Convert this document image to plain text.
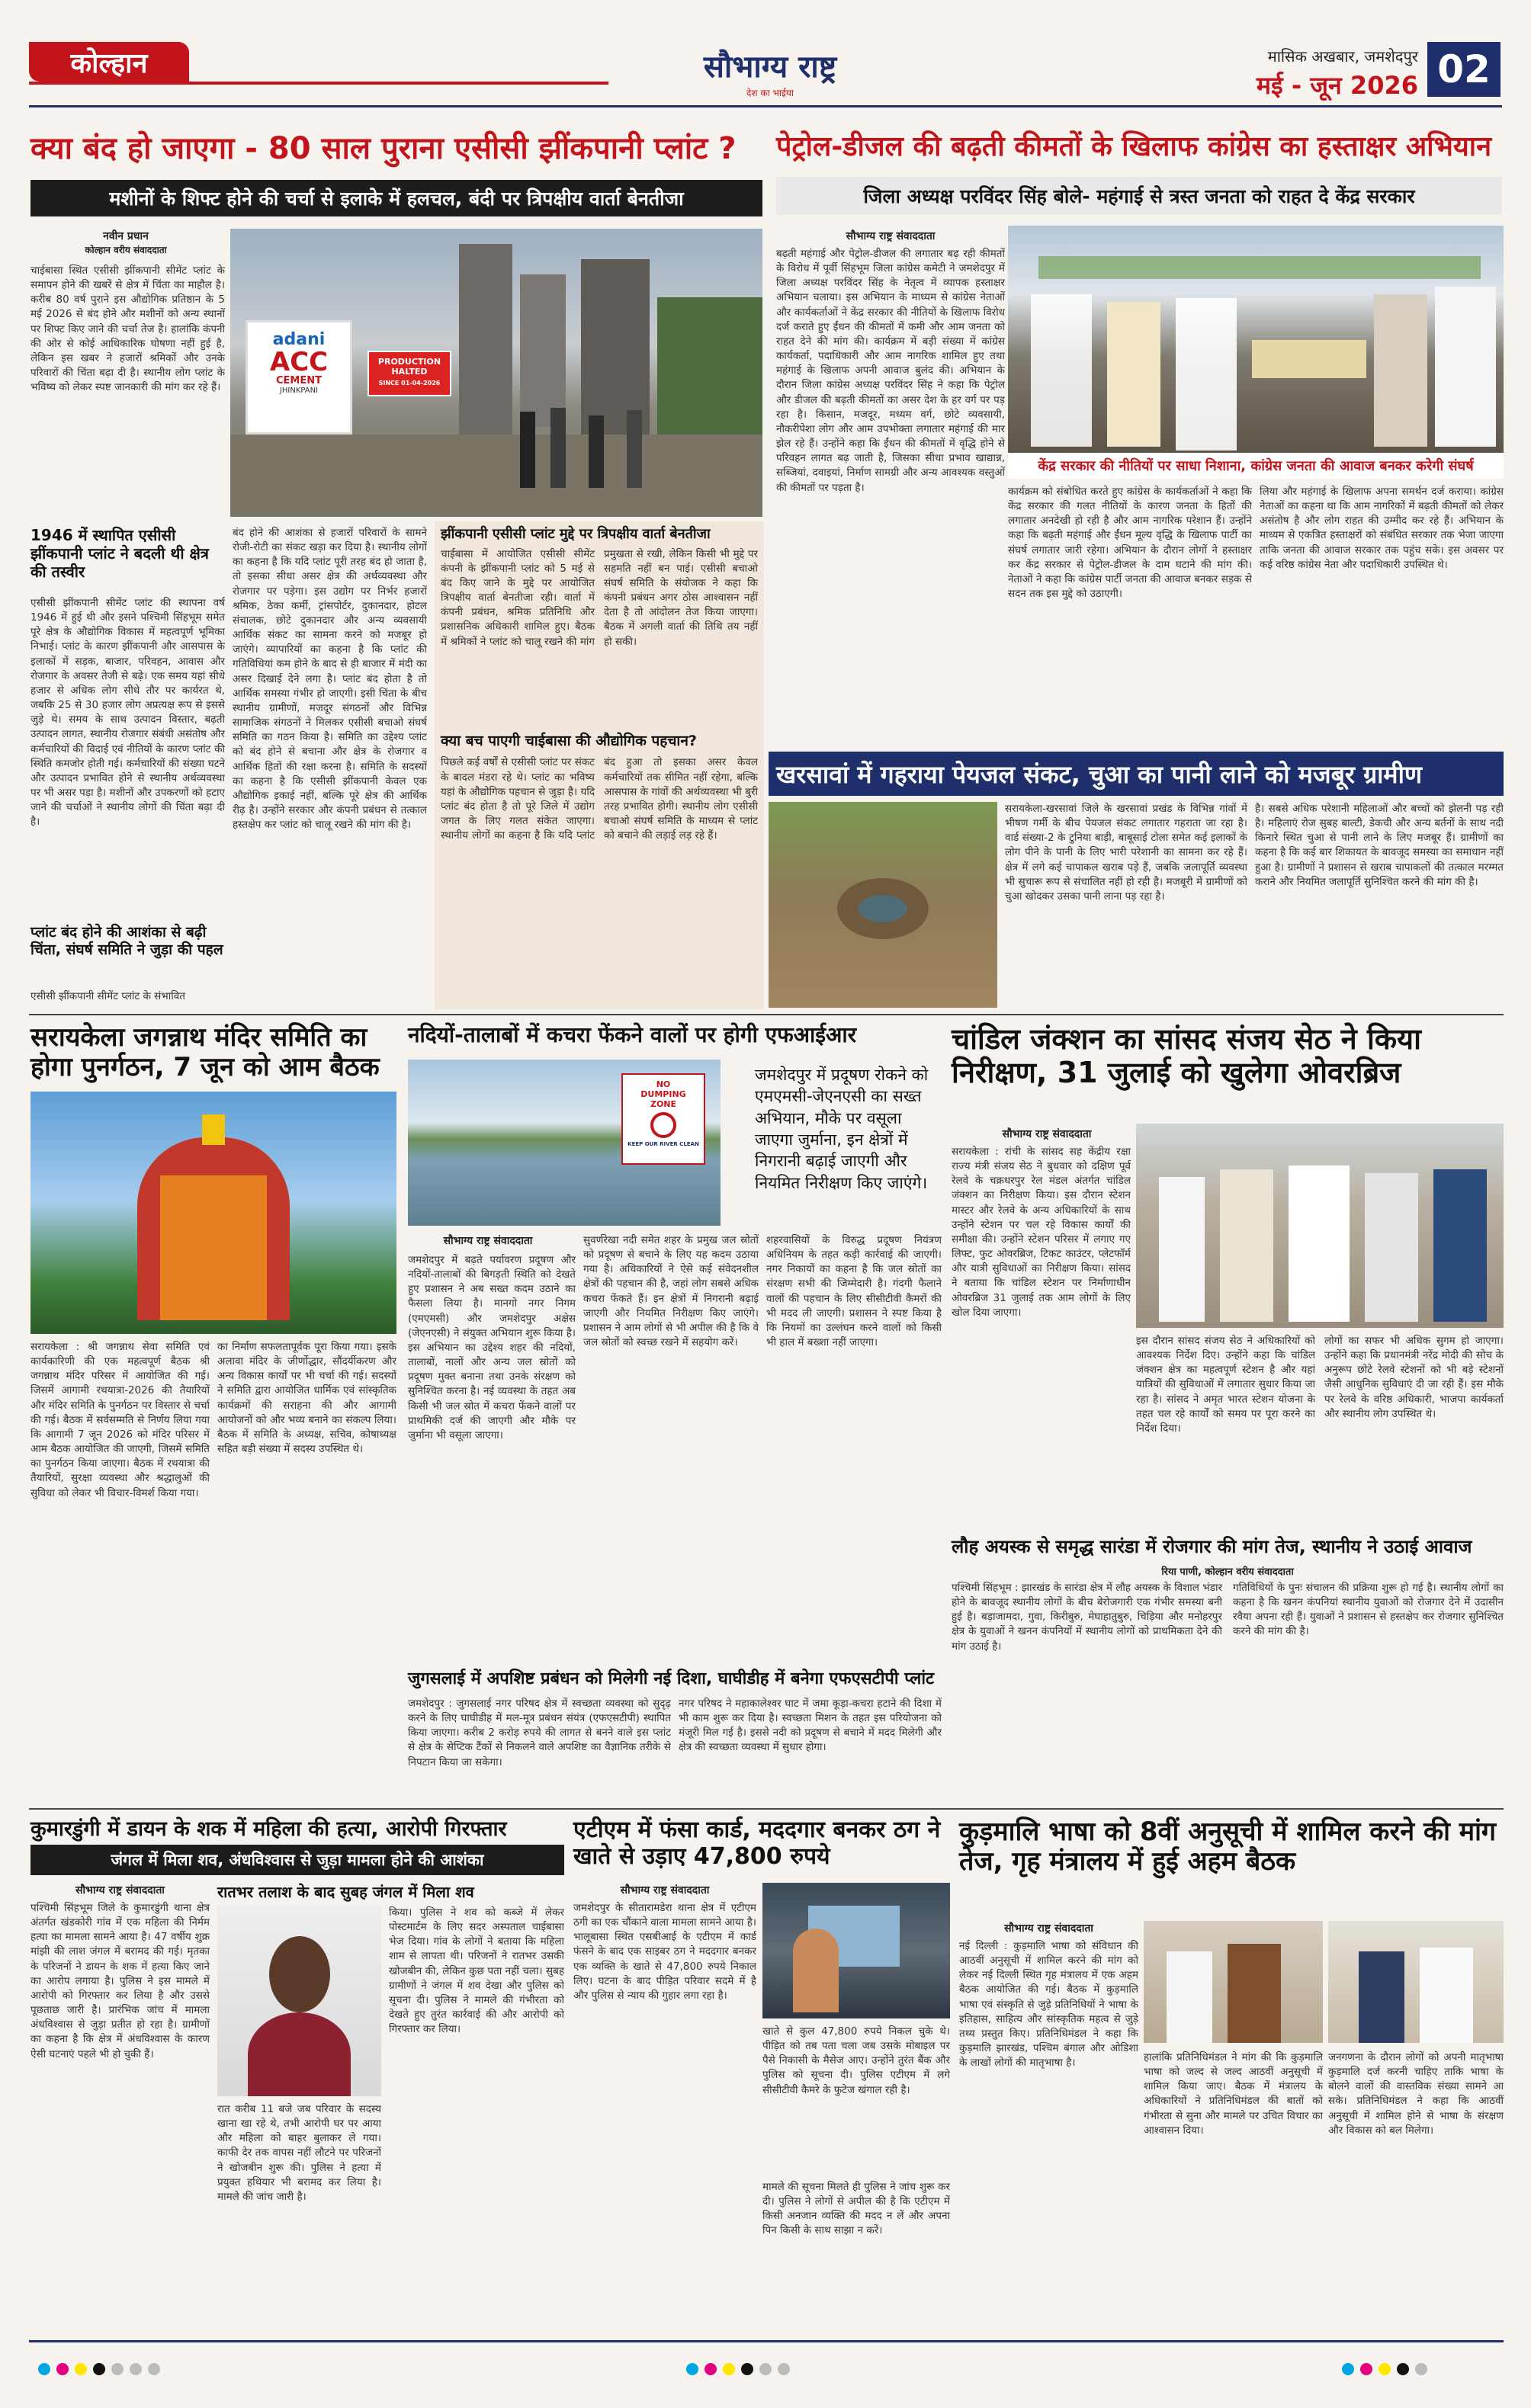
कोल्हान	सौभाग्य राष्ट्र
देश का भाईया
मासिक अखबार, जमशेदपुर
मई - जून 2026 02
क्या बंद हो जाएगा - 80 साल पुराना एसीसी झींकपानी प्लांट ?
मशीनों के शिफ्ट होने की चर्चा से इलाके में हलचल, बंदी पर त्रिपक्षीय वार्ता बेनतीजा
नवीन प्रधान
कोल्हान वरीय संवाददाता
चाईबासा स्थित एसीसी झींकपानी सीमेंट प्लांट के समापन होने की खबरें से क्षेत्र में चिंता का माहौल है। करीब 80 वर्ष पुराने इस औद्योगिक प्रतिष्ठान के 5 मई 2026 से बंद होने और मशीनों को अन्य स्थानों पर शिफ्ट किए जाने की चर्चा तेज है। हालांकि कंपनी की ओर से कोई आधिकारिक घोषणा नहीं हुई है, लेकिन इस खबर ने हजारों श्रमिकों और उनके परिवारों की चिंता बढ़ा दी है। स्थानीय लोग प्लांट के भविष्य को लेकर स्पष्ट जानकारी की मांग कर रहे हैं।
adani
ACC
CEMENT
JHINKPANI
PRODUCTION HALTED
SINCE 01-04-2026
1946 में स्थापित एसीसी झींकपानी प्लांट ने बदली थी क्षेत्र की तस्वीर
एसीसी झींकपानी सीमेंट प्लांट की स्थापना वर्ष 1946 में हुई थी और इसने पश्चिमी सिंहभूम समेत पूरे क्षेत्र के औद्योगिक विकास में महत्वपूर्ण भूमिका निभाई। प्लांट के कारण झींकपानी और आसपास के इलाकों में सड़क, बाजार, परिवहन, आवास और रोजगार के अवसर तेजी से बढ़े। एक समय यहां सीधे हजार से अधिक लोग सीधे तौर पर कार्यरत थे, जबकि 25 से 30 हजार लोग अप्रत्यक्ष रूप से इससे जुड़े थे। समय के साथ उत्पादन विस्तार, बढ़ती उत्पादन लागत, स्थानीय रोजगार संबंधी असंतोष और कर्मचारियों की विदाई एवं नीतियों के कारण प्लांट की स्थिति कमजोर होती गई। कर्मचारियों की संख्या घटने और उत्पादन प्रभावित होने से स्थानीय अर्थव्यवस्था पर भी असर पड़ा है। मशीनों और उपकरणों को हटाए जाने की चर्चाओं ने स्थानीय लोगों की चिंता बढ़ा दी है।
प्लांट बंद होने की आशंका से बढ़ी चिंता, संघर्ष समिति ने जुड़ा की पहल
एसीसी झींकपानी सीमेंट प्लांट के संभावित
बंद होने की आशंका से हजारों परिवारों के सामने रोजी-रोटी का संकट खड़ा कर दिया है। स्थानीय लोगों का कहना है कि यदि प्लांट पूरी तरह बंद हो जाता है, तो इसका सीधा असर क्षेत्र की अर्थव्यवस्था और रोजगार पर पड़ेगा। इस उद्योग पर निर्भर हजारों श्रमिक, ठेका कर्मी, ट्रांसपोर्टर, दुकानदार, होटल संचालक, छोटे दुकानदार और अन्य व्यवसायी आर्थिक संकट का सामना करने को मजबूर हो जाएंगे। व्यापारियों का कहना है कि प्लांट की गतिविधियां कम होने के बाद से ही बाजार में मंदी का असर दिखाई देने लगा है। प्लांट बंद होता है तो आर्थिक समस्या गंभीर हो जाएगी। इसी चिंता के बीच स्थानीय ग्रामीणों, मजदूर संगठनों और विभिन्न सामाजिक संगठनों ने मिलकर एसीसी बचाओ संघर्ष समिति का गठन किया है। समिति का उद्देश्य प्लांट को बंद होने से बचाना और क्षेत्र के रोजगार व आर्थिक हितों की रक्षा करना है। समिति के सदस्यों का कहना है कि एसीसी झींकपानी केवल एक औद्योगिक इकाई नहीं, बल्कि पूरे क्षेत्र की आर्थिक रीढ़ है। उन्होंने सरकार और कंपनी प्रबंधन से तत्काल हस्तक्षेप कर प्लांट को चालू रखने की मांग की है।
झींकपानी एसीसी प्लांट मुद्दे पर त्रिपक्षीय वार्ता बेनतीजा
चाईबासा में आयोजित एसीसी सीमेंट कंपनी के झींकपानी प्लांट को 5 मई से बंद किए जाने के मुद्दे पर आयोजित त्रिपक्षीय वार्ता बेनतीजा रही। वार्ता में कंपनी प्रबंधन, श्रमिक प्रतिनिधि और प्रशासनिक अधिकारी शामिल हुए। बैठक में श्रमिकों ने प्लांट को चालू रखने की मांग प्रमुखता से रखी, लेकिन किसी भी मुद्दे पर सहमति नहीं बन पाई। एसीसी बचाओ संघर्ष समिति के संयोजक ने कहा कि कंपनी प्रबंधन अगर ठोस आश्वासन नहीं देता है तो आंदोलन तेज किया जाएगा। बैठक में अगली वार्ता की तिथि तय नहीं हो सकी।
क्या बच पाएगी चाईबासा की औद्योगिक पहचान?
पिछले कई वर्षों से एसीसी प्लांट पर संकट के बादल मंडरा रहे थे। प्लांट का भविष्य यहां के औद्योगिक पहचान से जुड़ा है। यदि प्लांट बंद होता है तो पूरे जिले में उद्योग जगत के लिए गलत संकेत जाएगा। स्थानीय लोगों का कहना है कि यदि प्लांट बंद हुआ तो इसका असर केवल कर्मचारियों तक सीमित नहीं रहेगा, बल्कि आसपास के गांवों की अर्थव्यवस्था भी बुरी तरह प्रभावित होगी। स्थानीय लोग एसीसी बचाओ संघर्ष समिति के माध्यम से प्लांट को बचाने की लड़ाई लड़ रहे हैं।
पेट्रोल-डीजल की बढ़ती कीमतों के खिलाफ कांग्रेस का हस्ताक्षर अभियान
जिला अध्यक्ष परविंदर सिंह बोले- महंगाई से त्रस्त जनता को राहत दे केंद्र सरकार
सौभाग्य राष्ट्र संवाददाता
बढ़ती महंगाई और पेट्रोल-डीजल की लगातार बढ़ रही कीमतों के विरोध में पूर्वी सिंहभूम जिला कांग्रेस कमेटी ने जमशेदपुर में जिला अध्यक्ष परविंदर सिंह के नेतृत्व में व्यापक हस्ताक्षर अभियान चलाया। इस अभियान के माध्यम से कांग्रेस नेताओं और कार्यकर्ताओं ने केंद्र सरकार की नीतियों के खिलाफ विरोध दर्ज कराते हुए ईंधन की कीमतों में कमी और आम जनता को राहत देने की मांग की। कार्यक्रम में बड़ी संख्या में कांग्रेस कार्यकर्ता, पदाधिकारी और आम नागरिक शामिल हुए तथा महंगाई के खिलाफ अपनी आवाज बुलंद की। अभियान के दौरान जिला कांग्रेस अध्यक्ष परविंदर सिंह ने कहा कि पेट्रोल और डीजल की बढ़ती कीमतों का असर देश के हर वर्ग पर पड़ रहा है। किसान, मजदूर, मध्यम वर्ग, छोटे व्यवसायी, नौकरीपेशा लोग और आम उपभोक्ता लगातार महंगाई की मार झेल रहे हैं। उन्होंने कहा कि ईंधन की कीमतों में वृद्धि होने से परिवहन लागत बढ़ जाती है, जिसका सीधा प्रभाव खाद्यान्न, सब्जियां, दवाइयां, निर्माण सामग्री और अन्य आवश्यक वस्तुओं की कीमतों पर पड़ता है।
केंद्र सरकार की नीतियों पर साधा निशाना, कांग्रेस जनता की आवाज बनकर करेगी संघर्ष
कार्यक्रम को संबोधित करते हुए कांग्रेस के कार्यकर्ताओं ने कहा कि केंद्र सरकार की गलत नीतियों के कारण जनता के हितों की लगातार अनदेखी हो रही है और आम नागरिक परेशान हैं। उन्होंने कहा कि बढ़ती महंगाई और ईंधन मूल्य वृद्धि के खिलाफ पार्टी का संघर्ष लगातार जारी रहेगा। अभियान के दौरान लोगों ने हस्ताक्षर कर केंद्र सरकार से पेट्रोल-डीजल के दाम घटाने की मांग की। नेताओं ने कहा कि कांग्रेस पार्टी जनता की आवाज बनकर सड़क से सदन तक इस मुद्दे को उठाएगी।
लिया और महंगाई के खिलाफ अपना समर्थन दर्ज कराया। कांग्रेस नेताओं का कहना था कि आम नागरिकों में बढ़ती कीमतों को लेकर असंतोष है और लोग राहत की उम्मीद कर रहे हैं। अभियान के माध्यम से एकत्रित हस्ताक्षरों को संबंधित सरकार तक भेजा जाएगा ताकि जनता की आवाज सरकार तक पहुंच सके। इस अवसर पर कई वरिष्ठ कांग्रेस नेता और पदाधिकारी उपस्थित थे।
खरसावां में गहराया पेयजल संकट, चुआ का पानी लाने को मजबूर ग्रामीण
सरायकेला-खरसावां जिले के खरसावां प्रखंड के विभिन्न गांवों में भीषण गर्मी के बीच पेयजल संकट लगातार गहराता जा रहा है। वार्ड संख्या-2 के टुनिया बाड़ी, बाबूसाई टोला समेत कई इलाकों के लोग पीने के पानी के लिए भारी परेशानी का सामना कर रहे हैं। क्षेत्र में लगे कई चापाकल खराब पड़े हैं, जबकि जलापूर्ति व्यवस्था भी सुचारू रूप से संचालित नहीं हो रही है। मजबूरी में ग्रामीणों को चुआ खोदकर उसका पानी लाना पड़ रहा है।
है। सबसे अधिक परेशानी महिलाओं और बच्चों को झेलनी पड़ रही है। महिलाएं रोज सुबह बाल्टी, डेकची और अन्य बर्तनों के साथ नदी किनारे स्थित चुआ से पानी लाने के लिए मजबूर हैं। ग्रामीणों का कहना है कि कई बार शिकायत के बावजूद समस्या का समाधान नहीं हुआ है। ग्रामीणों ने प्रशासन से खराब चापाकलों की तत्काल मरम्मत कराने और नियमित जलापूर्ति सुनिश्चित करने की मांग की है।
सरायकेला जगन्नाथ मंदिर समिति का होगा पुनर्गठन, 7 जून को आम बैठक
सरायकेला : श्री जगन्नाथ सेवा समिति एवं कार्यकारिणी की एक महत्वपूर्ण बैठक श्री जगन्नाथ मंदिर परिसर में आयोजित की गई। जिसमें आगामी रथयात्रा-2026 की तैयारियों और मंदिर समिति के पुनर्गठन पर विस्तार से चर्चा की गई। बैठक में सर्वसम्मति से निर्णय लिया गया कि आगामी 7 जून 2026 को मंदिर परिसर में आम बैठक आयोजित की जाएगी, जिसमें समिति का पुनर्गठन किया जाएगा। बैठक में रथयात्रा की तैयारियों, सुरक्षा व्यवस्था और श्रद्धालुओं की सुविधा को लेकर भी विचार-विमर्श किया गया।
का निर्माण सफलतापूर्वक पूरा किया गया। इसके अलावा मंदिर के जीर्णोद्धार, सौंदर्यीकरण और अन्य विकास कार्यों पर भी चर्चा की गई। सदस्यों ने समिति द्वारा आयोजित धार्मिक एवं सांस्कृतिक कार्यक्रमों की सराहना की और आगामी आयोजनों को और भव्य बनाने का संकल्प लिया। बैठक में समिति के अध्यक्ष, सचिव, कोषाध्यक्ष सहित बड़ी संख्या में सदस्य उपस्थित थे।
नदियों-तालाबों में कचरा फेंकने वालों पर होगी एफआईआर
NO
DUMPING
ZONE
KEEP OUR RIVER CLEAN
जमशेदपुर में प्रदूषण रोकने को एमएमसी-जेएनएसी का सख्त अभियान, मौके पर वसूला जाएगा जुर्माना, इन क्षेत्रों में निगरानी बढ़ाई जाएगी और नियमित निरीक्षण किए जाएंगे।
सौभाग्य राष्ट्र संवाददाता
जमशेदपुर में बढ़ते पर्यावरण प्रदूषण और नदियों-तालाबों की बिगड़ती स्थिति को देखते हुए प्रशासन ने अब सख्त कदम उठाने का फैसला लिया है। मानगो नगर निगम (एमएमसी) और जमशेदपुर अक्षेस (जेएनएसी) ने संयुक्त अभियान शुरू किया है। इस अभियान का उद्देश्य शहर की नदियों, तालाबों, नालों और अन्य जल स्रोतों को प्रदूषण मुक्त बनाना तथा उनके संरक्षण को सुनिश्चित करना है। नई व्यवस्था के तहत अब किसी भी जल स्रोत में कचरा फेंकने वालों पर प्राथमिकी दर्ज की जाएगी और मौके पर जुर्माना भी वसूला जाएगा।
सुवर्णरेखा नदी समेत शहर के प्रमुख जल स्रोतों को प्रदूषण से बचाने के लिए यह कदम उठाया गया है। अधिकारियों ने ऐसे कई संवेदनशील क्षेत्रों की पहचान की है, जहां लोग सबसे अधिक कचरा फेंकते हैं। इन क्षेत्रों में निगरानी बढ़ाई जाएगी और नियमित निरीक्षण किए जाएंगे। प्रशासन ने आम लोगों से भी अपील की है कि वे जल स्रोतों को स्वच्छ रखने में सहयोग करें।
शहरवासियों के विरुद्ध प्रदूषण नियंत्रण अधिनियम के तहत कड़ी कार्रवाई की जाएगी। नगर निकायों का कहना है कि जल स्रोतों का संरक्षण सभी की जिम्मेदारी है। गंदगी फैलाने वालों की पहचान के लिए सीसीटीवी कैमरों की भी मदद ली जाएगी। प्रशासन ने स्पष्ट किया है कि नियमों का उल्लंघन करने वालों को किसी भी हाल में बख्शा नहीं जाएगा।
चांडिल जंक्शन का सांसद संजय सेठ ने किया निरीक्षण, 31 जुलाई को खुलेगा ओवरब्रिज
सौभाग्य राष्ट्र संवाददाता
सरायकेला : रांची के सांसद सह केंद्रीय रक्षा राज्य मंत्री संजय सेठ ने बुधवार को दक्षिण पूर्व रेलवे के चक्रधरपुर रेल मंडल अंतर्गत चांडिल जंक्शन का निरीक्षण किया। इस दौरान स्टेशन मास्टर और रेलवे के अन्य अधिकारियों के साथ उन्होंने स्टेशन पर चल रहे विकास कार्यों की समीक्षा की। उन्होंने स्टेशन परिसर में लगाए गए लिफ्ट, फुट ओवरब्रिज, टिकट काउंटर, प्लेटफॉर्म और यात्री सुविधाओं का निरीक्षण किया। सांसद ने बताया कि चांडिल स्टेशन पर निर्माणाधीन ओवरब्रिज 31 जुलाई तक आम लोगों के लिए खोल दिया जाएगा।
इस दौरान सांसद संजय सेठ ने अधिकारियों को आवश्यक निर्देश दिए। उन्होंने कहा कि चांडिल जंक्शन क्षेत्र का महत्वपूर्ण स्टेशन है और यहां यात्रियों की सुविधाओं में लगातार सुधार किया जा रहा है। सांसद ने अमृत भारत स्टेशन योजना के तहत चल रहे कार्यों को समय पर पूरा करने का निर्देश दिया।
लोगों का सफर भी अधिक सुगम हो जाएगा। उन्होंने कहा कि प्रधानमंत्री नरेंद्र मोदी की सोच के अनुरूप छोटे रेलवे स्टेशनों को भी बड़े स्टेशनों जैसी आधुनिक सुविधाएं दी जा रही हैं। इस मौके पर रेलवे के वरिष्ठ अधिकारी, भाजपा कार्यकर्ता और स्थानीय लोग उपस्थित थे।
जुगसलाई में अपशिष्ट प्रबंधन को मिलेगी नई दिशा, घाघीडीह में बनेगा एफएसटीपी प्लांट
जमशेदपुर : जुगसलाई नगर परिषद क्षेत्र में स्वच्छता व्यवस्था को सुदृढ़ करने के लिए घाघीडीह में मल-मूत्र प्रबंधन संयंत्र (एफएसटीपी) स्थापित किया जाएगा। करीब 2 करोड़ रुपये की लागत से बनने वाले इस प्लांट से क्षेत्र के सेप्टिक टैंकों से निकलने वाले अपशिष्ट का वैज्ञानिक तरीके से निपटान किया जा सकेगा।
नगर परिषद ने महाकालेश्वर घाट में जमा कूड़ा-कचरा हटाने की दिशा में भी काम शुरू कर दिया है। स्वच्छता मिशन के तहत इस परियोजना को मंजूरी मिल गई है। इससे नदी को प्रदूषण से बचाने में मदद मिलेगी और क्षेत्र की स्वच्छता व्यवस्था में सुधार होगा।
लौह अयस्क से समृद्ध सारंडा में रोजगार की मांग तेज, स्थानीय ने उठाई आवाज
रिया पाणी, कोल्हान वरीय संवाददाता
पश्चिमी सिंहभूम : झारखंड के सारंडा क्षेत्र में लौह अयस्क के विशाल भंडार होने के बावजूद स्थानीय लोगों के बीच बेरोजगारी एक गंभीर समस्या बनी हुई है। बड़ाजामदा, गुवा, किरीबुरु, मेघाहातुबुरु, चिड़िया और मनोहरपुर क्षेत्र के युवाओं ने खनन कंपनियों में स्थानीय लोगों को प्राथमिकता देने की मांग उठाई है।
गतिविधियों के पुनः संचालन की प्रक्रिया शुरू हो गई है। स्थानीय लोगों का कहना है कि खनन कंपनियां स्थानीय युवाओं को रोजगार देने में उदासीन रवैया अपना रही हैं। युवाओं ने प्रशासन से हस्तक्षेप कर रोजगार सुनिश्चित करने की मांग की है।
कुमारडुंगी में डायन के शक में महिला की हत्या, आरोपी गिरफ्तार
जंगल में मिला शव, अंधविश्वास से जुड़ा मामला होने की आशंका
सौभाग्य राष्ट्र संवाददाता
पश्चिमी सिंहभूम जिले के कुमारडुंगी थाना क्षेत्र अंतर्गत खंडकोरी गांव में एक महिला की निर्मम हत्या का मामला सामने आया है। 47 वर्षीय शुक्र मांझी की लाश जंगल में बरामद की गई। मृतका के परिजनों ने डायन के शक में हत्या किए जाने का आरोप लगाया है। पुलिस ने इस मामले में आरोपी को गिरफ्तार कर लिया है और उससे पूछताछ जारी है। प्रारंभिक जांच में मामला अंधविश्वास से जुड़ा प्रतीत हो रहा है। ग्रामीणों का कहना है कि क्षेत्र में अंधविश्वास के कारण ऐसी घटनाएं पहले भी हो चुकी हैं।
रातभर तलाश के बाद सुबह जंगल में मिला शव
किया। पुलिस ने शव को कब्जे में लेकर पोस्टमार्टम के लिए सदर अस्पताल चाईबासा भेज दिया। गांव के लोगों ने बताया कि महिला शाम से लापता थी। परिजनों ने रातभर उसकी खोजबीन की, लेकिन कुछ पता नहीं चला। सुबह ग्रामीणों ने जंगल में शव देखा और पुलिस को सूचना दी। पुलिस ने मामले की गंभीरता को देखते हुए तुरंत कार्रवाई की और आरोपी को गिरफ्तार कर लिया।
रात करीब 11 बजे जब परिवार के सदस्य खाना खा रहे थे, तभी आरोपी घर पर आया और महिला को बाहर बुलाकर ले गया। काफी देर तक वापस नहीं लौटने पर परिजनों ने खोजबीन शुरू की। पुलिस ने हत्या में प्रयुक्त हथियार भी बरामद कर लिया है। मामले की जांच जारी है।
एटीएम में फंसा कार्ड, मददगार बनकर ठग ने खाते से उड़ाए 47,800 रुपये
सौभाग्य राष्ट्र संवाददाता
जमशेदपुर के सीतारामडेरा थाना क्षेत्र में एटीएम ठगी का एक चौंकाने वाला मामला सामने आया है। भालूबासा स्थित एसबीआई के एटीएम में कार्ड फंसने के बाद एक साइबर ठग ने मददगार बनकर एक व्यक्ति के खाते से 47,800 रुपये निकाल लिए। घटना के बाद पीड़ित परिवार सदमे में है और पुलिस से न्याय की गुहार लगा रहा है।
खाते से कुल 47,800 रुपये निकल चुके थे। पीड़ित को तब पता चला जब उसके मोबाइल पर पैसे निकासी के मैसेज आए। उन्होंने तुरंत बैंक और पुलिस को सूचना दी। पुलिस एटीएम में लगे सीसीटीवी कैमरे के फुटेज खंगाल रही है।
मामले की सूचना मिलते ही पुलिस ने जांच शुरू कर दी। पुलिस ने लोगों से अपील की है कि एटीएम में किसी अनजान व्यक्ति की मदद न लें और अपना पिन किसी के साथ साझा न करें।
कुड़मालि भाषा को 8वीं अनुसूची में शामिल करने की मांग तेज, गृह मंत्रालय में हुई अहम बैठक
सौभाग्य राष्ट्र संवाददाता
नई दिल्ली : कुड़मालि भाषा को संविधान की आठवीं अनुसूची में शामिल करने की मांग को लेकर नई दिल्ली स्थित गृह मंत्रालय में एक अहम बैठक आयोजित की गई। बैठक में कुड़मालि भाषा एवं संस्कृति से जुड़े प्रतिनिधियों ने भाषा के इतिहास, साहित्य और सांस्कृतिक महत्व से जुड़े तथ्य प्रस्तुत किए। प्रतिनिधिमंडल ने कहा कि कुड़मालि झारखंड, पश्चिम बंगाल और ओडिशा के लाखों लोगों की मातृभाषा है।	हालांकि प्रतिनिधिमंडल ने मांग की कि कुड़मालि भाषा को जल्द से जल्द आठवीं अनुसूची में शामिल किया जाए। बैठक में मंत्रालय के अधिकारियों ने प्रतिनिधिमंडल की बातों को गंभीरता से सुना और मामले पर उचित विचार का आश्वासन दिया।
जनगणना के दौरान लोगों को अपनी मातृभाषा कुड़मालि दर्ज करनी चाहिए ताकि भाषा के बोलने वालों की वास्तविक संख्या सामने आ सके। प्रतिनिधिमंडल ने कहा कि आठवीं अनुसूची में शामिल होने से भाषा के संरक्षण और विकास को बल मिलेगा।
